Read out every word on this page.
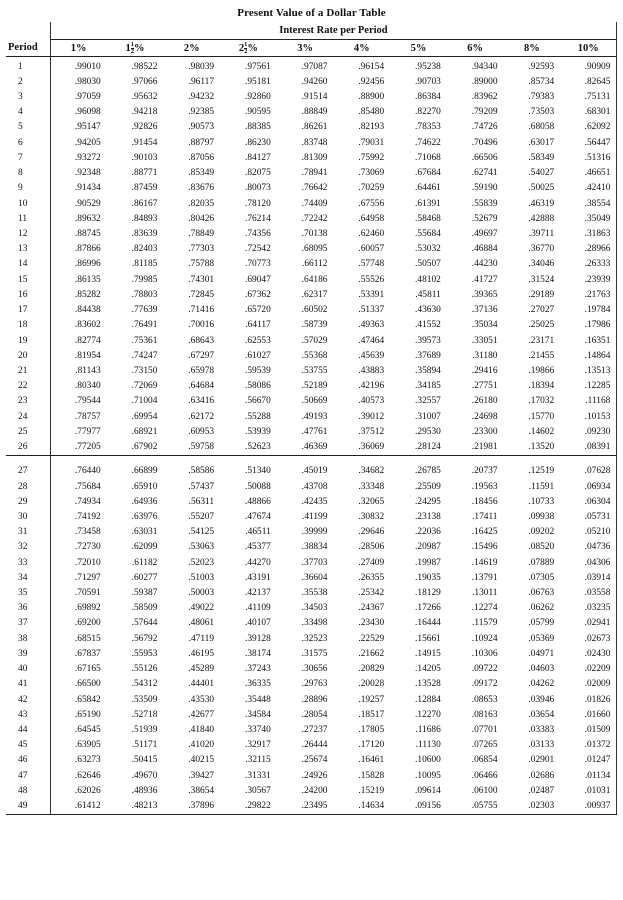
Present Value of a Dollar Table
	Interest Rate per Period									
Period	1 %	$1 \frac{1}{2}$ %	2 %	$2 \frac{1}{2}$ %	3 %	4 %	5 %	6 %	8 %	10 %

1	.99010	.98522	.98039	.97561	.97087	.96154	.95238	.94340	.92593	.90909
2	.98030	.97066	.96117	.95181	.94260	.92456	.90703	.89000	.85734	.82645
3	.97059	.95632	.94232	.92860	.91514	.88900	.86384	.83962	.79383	.75131
4	.96098	.94218	.92385	.90595	.88849	.85480	.82270	.79209	.73503	.68301
5	.95147	.92826	.90573	.88385	.86261	.82193	.78353	.74726	.68058	.62092
6	.94205	.91454	.88797	.86230	.83748	.79031	.74622	.70496	.63017	.56447
7	.93272	.90103	.87056	.84127	.81309	.75992	.71068	.66506	.58349	.51316
8	.92348	.88771	.85349	.82075	.78941	.73069	.67684	.62741	.54027	.46651
9	.91434	.87459	.83676	.80073	.76642	.70259	.64461	.59190	.50025	.42410
10	.90529	.86167	.82035	.78120	.74409	.67556	.61391	.55839	.46319	.38554
11	.89632	.84893	.80426	.76214	.72242	.64958	.58468	.52679	.42888	.35049
12	.88745	.83639	.78849	.74356	.70138	.62460	.55684	.49697	.39711	.31863
13	.87866	.82403	.77303	.72542	.68095	.60057	.53032	.46884	.36770	.28966
14	.86996	.81185	.75788	.70773	.66112	.57748	.50507	.44230	.34046	.26333
15	.86135	.79985	.74301	.69047	.64186	.55526	.48102	.41727	.31524	.23939
16	.85282	.78803	.72845	.67362	.62317	.53391	.45811	.39365	.29189	.21763
17	.84438	.77639	.71416	.65720	.60502	.51337	.43630	.37136	.27027	.19784
18	.83602	.76491	.70016	.64117	.58739	.49363	.41552	.35034	.25025	.17986
19	.82774	.75361	.68643	.62553	.57029	.47464	.39573	.33051	.23171	.16351
20	.81954	.74247	.67297	.61027	.55368	.45639	.37689	.31180	.21455	.14864
21	.81143	.73150	.65978	.59539	.53755	.43883	.35894	.29416	.19866	.13513
22	.80340	.72069	.64684	.58086	.52189	.42196	.34185	.27751	.18394	.12285
23	.79544	.71004	.63416	.56670	.50669	.40573	.32557	.26180	.17032	.11168
24	.78757	.69954	.62172	.55288	.49193	.39012	.31007	.24698	.15770	.10153
25	.77977	.68921	.60953	.53939	.47761	.37512	.29530	.23300	.14602	.09230
26	.77205	.67902	.59758	.52623	.46369	.36069	.28124	.21981	.13520	.08391

27	.76440	.66899	.58586	.51340	.45019	.34682	.26785	.20737	.12519	.07628
28	.75684	.65910	.57437	.50088	.43708	.33348	.25509	.19563	.11591	.06934
29	.74934	.64936	.56311	.48866	.42435	.32065	.24295	.18456	.10733	.06304
30	.74192	.63976	.55207	.47674	.41199	.30832	.23138	.17411	.09938	.05731
31	.73458	.63031	.54125	.46511	.39999	.29646	.22036	.16425	.09202	.05210
32	.72730	.62099	.53063	.45377	.38834	.28506	.20987	.15496	.08520	.04736
33	.72010	.61182	.52023	.44270	.37703	.27409	.19987	.14619	.07889	.04306
34	.71297	.60277	.51003	.43191	.36604	.26355	.19035	.13791	.07305	.03914
35	.70591	.59387	.50003	.42137	.35538	.25342	.18129	.13011	.06763	.03558
36	.69892	.58509	.49022	.41109	.34503	.24367	.17266	.12274	.06262	.03235
37	.69200	.57644	.48061	.40107	.33498	.23430	.16444	.11579	.05799	.02941
38	.68515	.56792	.47119	.39128	.32523	.22529	.15661	.10924	.05369	.02673
39	.67837	.55953	.46195	.38174	.31575	.21662	.14915	.10306	.04971	.02430
40	.67165	.55126	.45289	.37243	.30656	.20829	.14205	.09722	.04603	.02209
41	.66500	.54312	.44401	.36335	.29763	.20028	.13528	.09172	.04262	.02009
42	.65842	.53509	.43530	.35448	.28896	.19257	.12884	.08653	.03946	.01826
43	.65190	.52718	.42677	.34584	.28054	.18517	.12270	.08163	.03654	.01660
44	.64545	.51939	.41840	.33740	.27237	.17805	.11686	.07701	.03383	.01509
45	.63905	.51171	.41020	.32917	.26444	.17120	.11130	.07265	.03133	.01372
46	.63273	.50415	.40215	.32115	.25674	.16461	.10600	.06854	.02901	.01247
47	.62646	.49670	.39427	.31331	.24926	.15828	.10095	.06466	.02686	.01134
48	.62026	.48936	.38654	.30567	.24200	.15219	.09614	.06100	.02487	.01031
49	.61412	.48213	.37896	.29822	.23495	.14634	.09156	.05755	.02303	.00937
